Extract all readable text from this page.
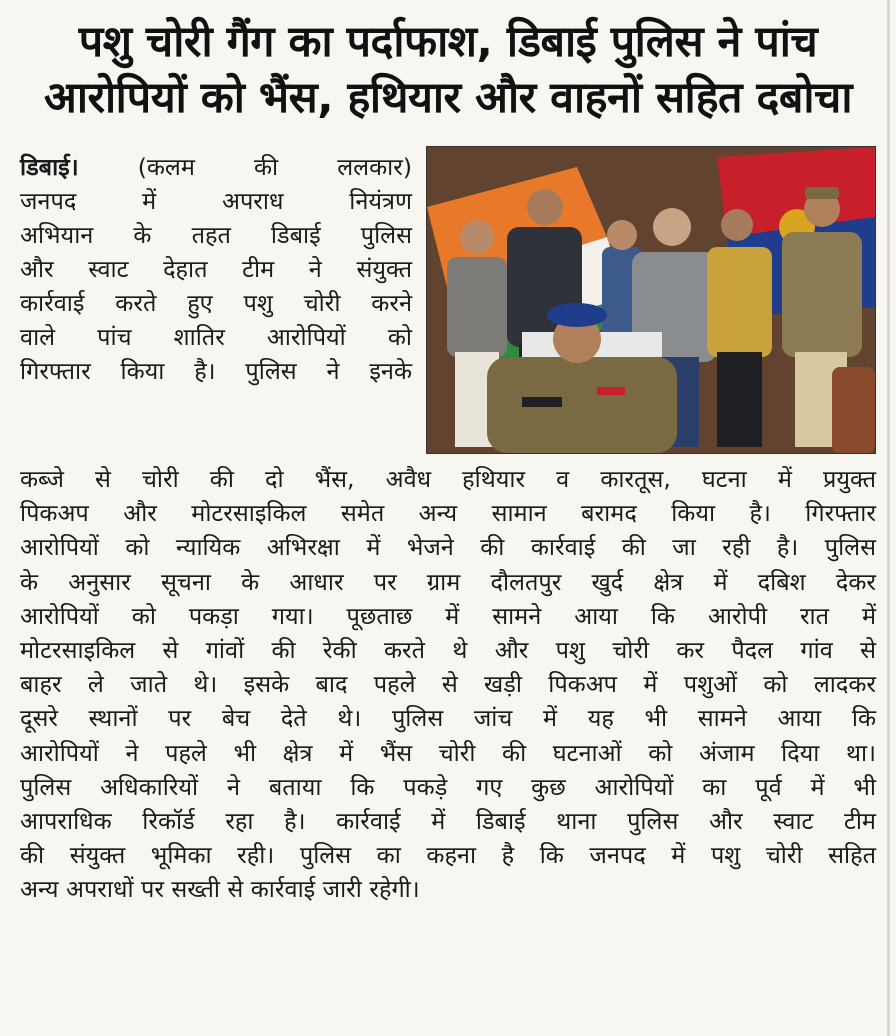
पशु चोरी गैंग का पर्दाफाश, डिबाई पुलिस ने पांच
आरोपियों को भैंस, हथियार और वाहनों सहित दबोचा
डिबाई।	(कलम की ललकार)
जनपद में अपराध नियंत्रण
अभियान के तहत डिबाई पुलिस
और स्वाट देहात टीम ने संयुक्त
कार्रवाई करते हुए पशु चोरी करने
वाले पांच शातिर आरोपियों को
गिरफ्तार किया है। पुलिस ने इनके
कब्जे से चोरी की दो भैंस, अवैध हथियार व कारतूस, घटना में प्रयुक्त
पिकअप और मोटरसाइकिल समेत अन्य सामान बरामद किया है। गिरफ्तार
आरोपियों को न्यायिक अभिरक्षा में भेजने की कार्रवाई की जा रही है। पुलिस
के अनुसार सूचना के आधार पर ग्राम दौलतपुर खुर्द क्षेत्र में दबिश देकर
आरोपियों को पकड़ा गया। पूछताछ में सामने आया कि आरोपी रात में
मोटरसाइकिल से गांवों की रेकी करते थे और पशु चोरी कर पैदल गांव से
बाहर ले जाते थे। इसके बाद पहले से खड़ी पिकअप में पशुओं को लादकर
दूसरे स्थानों पर बेच देते थे। पुलिस जांच में यह भी सामने आया कि
आरोपियों ने पहले भी क्षेत्र में भैंस चोरी की घटनाओं को अंजाम दिया था।
पुलिस अधिकारियों ने बताया कि पकड़े गए कुछ आरोपियों का पूर्व में भी
आपराधिक रिकॉर्ड रहा है। कार्रवाई में डिबाई थाना पुलिस और स्वाट टीम
की संयुक्त भूमिका रही। पुलिस का कहना है कि जनपद में पशु चोरी सहित
अन्य अपराधों पर सख्ती से कार्रवाई जारी रहेगी।
